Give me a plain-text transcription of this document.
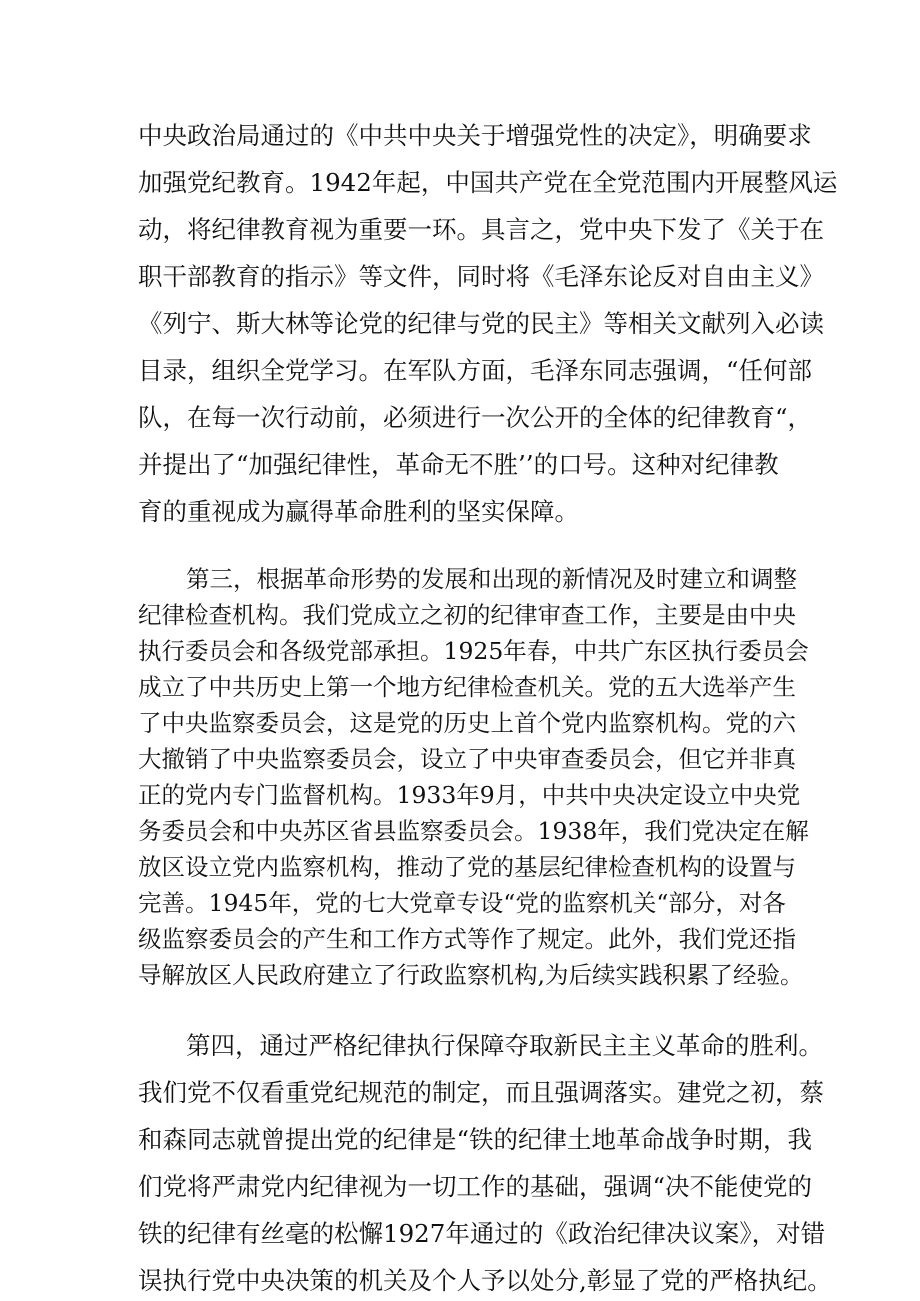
中央政治局通过的《中共中央关于增强党性的决定》，明确要求
加强党纪教育。1942年起，中国共产党在全党范围内开展整风运
动，将纪律教育视为重要一环。具言之，党中央下发了《关于在
职干部教育的指示》等文件，同时将《毛泽东论反对自由主义》
《列宁、斯大林等论党的纪律与党的民主》等相关文献列入必读
目录，组织全党学习。在军队方面，毛泽东同志强调，“任何部
队，在每一次行动前，必须进行一次公开的全体的纪律教育“，
并提出了“加强纪律性，革命无不胜’’的口号。这种对纪律教
育的重视成为赢得革命胜利的坚实保障。
第三，根据革命形势的发展和出现的新情况及时建立和调整
纪律检查机构。我们党成立之初的纪律审查工作，主要是由中央
执行委员会和各级党部承担。1925年春，中共广东区执行委员会
成立了中共历史上第一个地方纪律检查机关。党的五大选举产生
了中央监察委员会，这是党的历史上首个党内监察机构。党的六
大撤销了中央监察委员会，设立了中央审查委员会，但它并非真
正的党内专门监督机构。1933年9月，中共中央决定设立中央党
务委员会和中央苏区省县监察委员会。1938年，我们党决定在解
放区设立党内监察机构，推动了党的基层纪律检查机构的设置与
完善。1945年，党的七大党章专设“党的监察机关“部分，对各
级监察委员会的产生和工作方式等作了规定。此外，我们党还指
导解放区人民政府建立了行政监察机构,为后续实践积累了经验。
第四，通过严格纪律执行保障夺取新民主主义革命的胜利。
我们党不仅看重党纪规范的制定，而且强调落实。建党之初，蔡
和森同志就曾提出党的纪律是“铁的纪律土地革命战争时期，我
们党将严肃党内纪律视为一切工作的基础，强调“决不能使党的
铁的纪律有丝毫的松懈1927年通过的《政治纪律决议案》，对错
误执行党中央决策的机关及个人予以处分,彰显了党的严格执纪。
